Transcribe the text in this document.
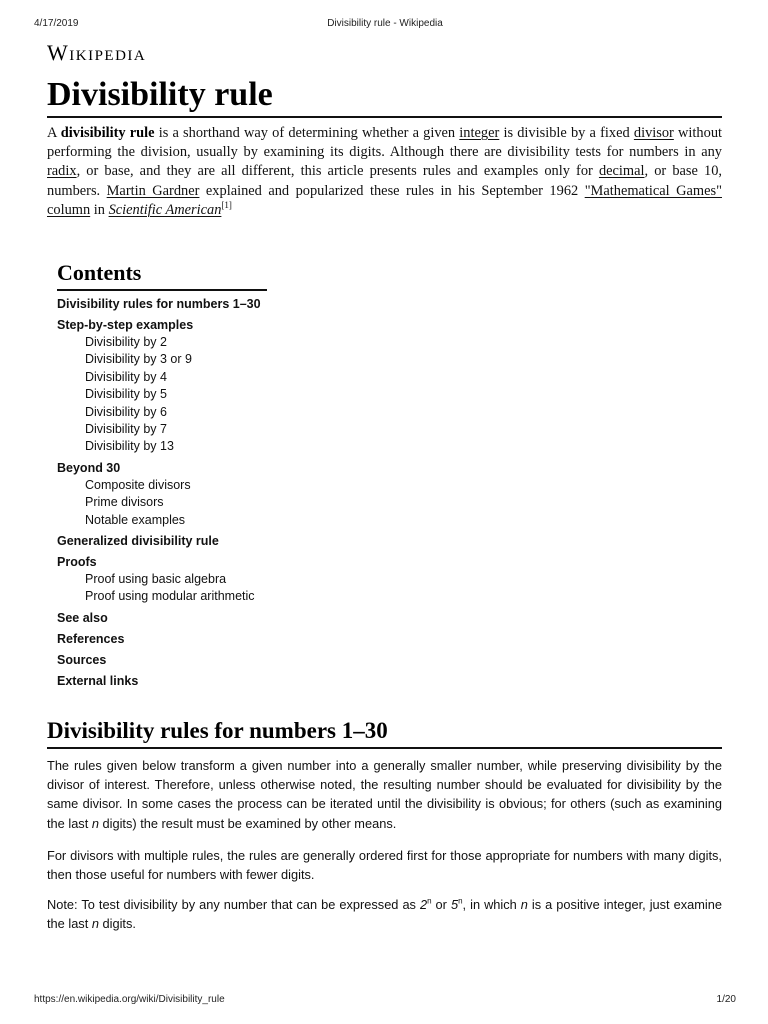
4/17/2019	Divisibility rule - Wikipedia
Wikipedia
Divisibility rule

A divisibility rule is a shorthand way of determining whether a given integer is divisible by a fixed divisor without performing the division, usually by examining its digits. Although there are divisibility tests for numbers in any radix, or base, and they are all different, this article presents rules and examples only for decimal, or base 10, numbers. Martin Gardner explained and popularized these rules in his September 1962 "Mathematical Games" column in Scientific American[1]

Contents
Divisibility rules for numbers 1–30
Step-by-step examples
Divisibility by 2
Divisibility by 3 or 9
Divisibility by 4
Divisibility by 5
Divisibility by 6
Divisibility by 7
Divisibility by 13
Beyond 30
Composite divisors
Prime divisors
Notable examples
Generalized divisibility rule
Proofs
Proof using basic algebra
Proof using modular arithmetic
See also
References
Sources
External links
Divisibility rules for numbers 1–30

The rules given below transform a given number into a generally smaller number, while preserving divisibility by the divisor of interest. Therefore, unless otherwise noted, the resulting number should be evaluated for divisibility by the same divisor. In some cases the process can be iterated until the divisibility is obvious; for others (such as examining the last n digits) the result must be examined by other means.

For divisors with multiple rules, the rules are generally ordered first for those appropriate for numbers with many digits, then those useful for numbers with fewer digits.

Note: To test divisibility by any number that can be expressed as 2$^n$ or 5$^n$, in which n is a positive integer, just examine the last n digits.

https://en.wikipedia.org/wiki/Divisibility_rule	1/20
